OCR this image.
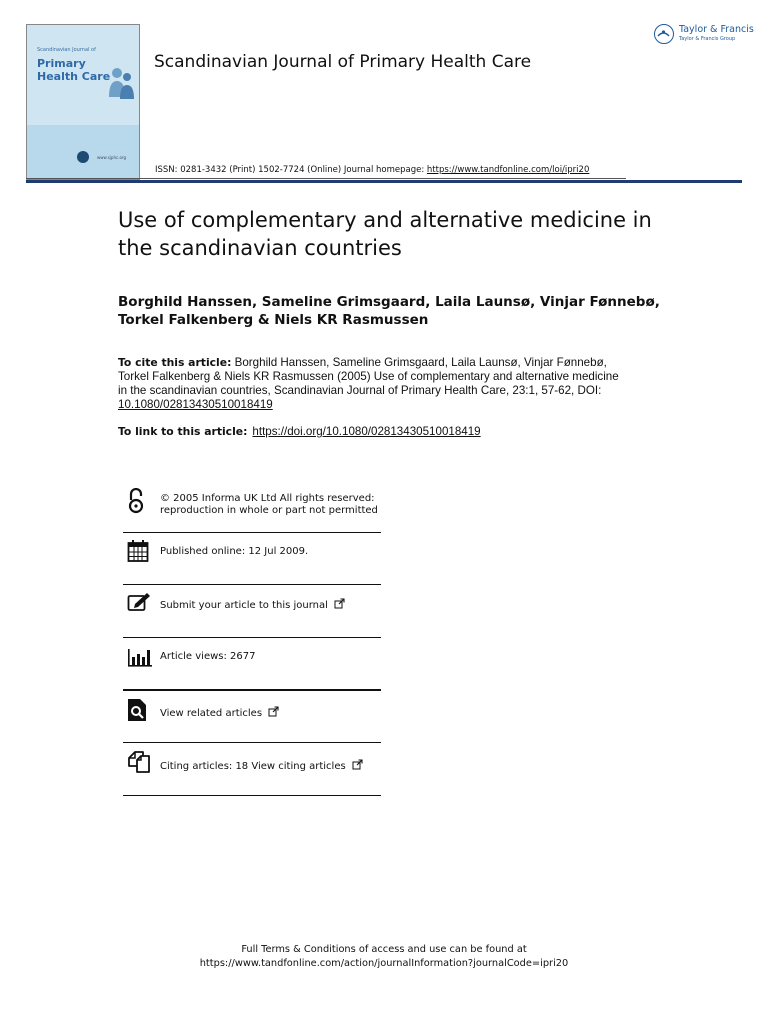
Scandinavian Journal of
Primary
Health Care
www.sjphc.org
Scandinavian Journal of Primary Health Care
Taylor & Francis
Taylor & Francis Group
ISSN: 0281-3432 (Print) 1502-7724 (Online) Journal homepage: https://www.tandfonline.com/loi/ipri20
Use of complementary and alternative medicine in
the scandinavian countries
Borghild Hanssen, Sameline Grimsgaard, Laila Launsø, Vinjar Fønnebø,
Torkel Falkenberg & Niels KR Rasmussen
To cite this article: Borghild Hanssen, Sameline Grimsgaard, Laila Launsø, Vinjar Fønnebø,
Torkel Falkenberg & Niels KR Rasmussen (2005) Use of complementary and alternative medicine
in the scandinavian countries, Scandinavian Journal of Primary Health Care, 23:1, 57-62, DOI:
10.1080/02813430510018419
To link to this article: https://doi.org/10.1080/02813430510018419
© 2005 Informa UK Ltd All rights reserved:
reproduction in whole or part not permitted
Published online: 12 Jul 2009.
Submit your article to this journal
Article views: 2677
View related articles
Citing articles: 18 View citing articles
Full Terms & Conditions of access and use can be found at
https://www.tandfonline.com/action/journalInformation?journalCode=ipri20
